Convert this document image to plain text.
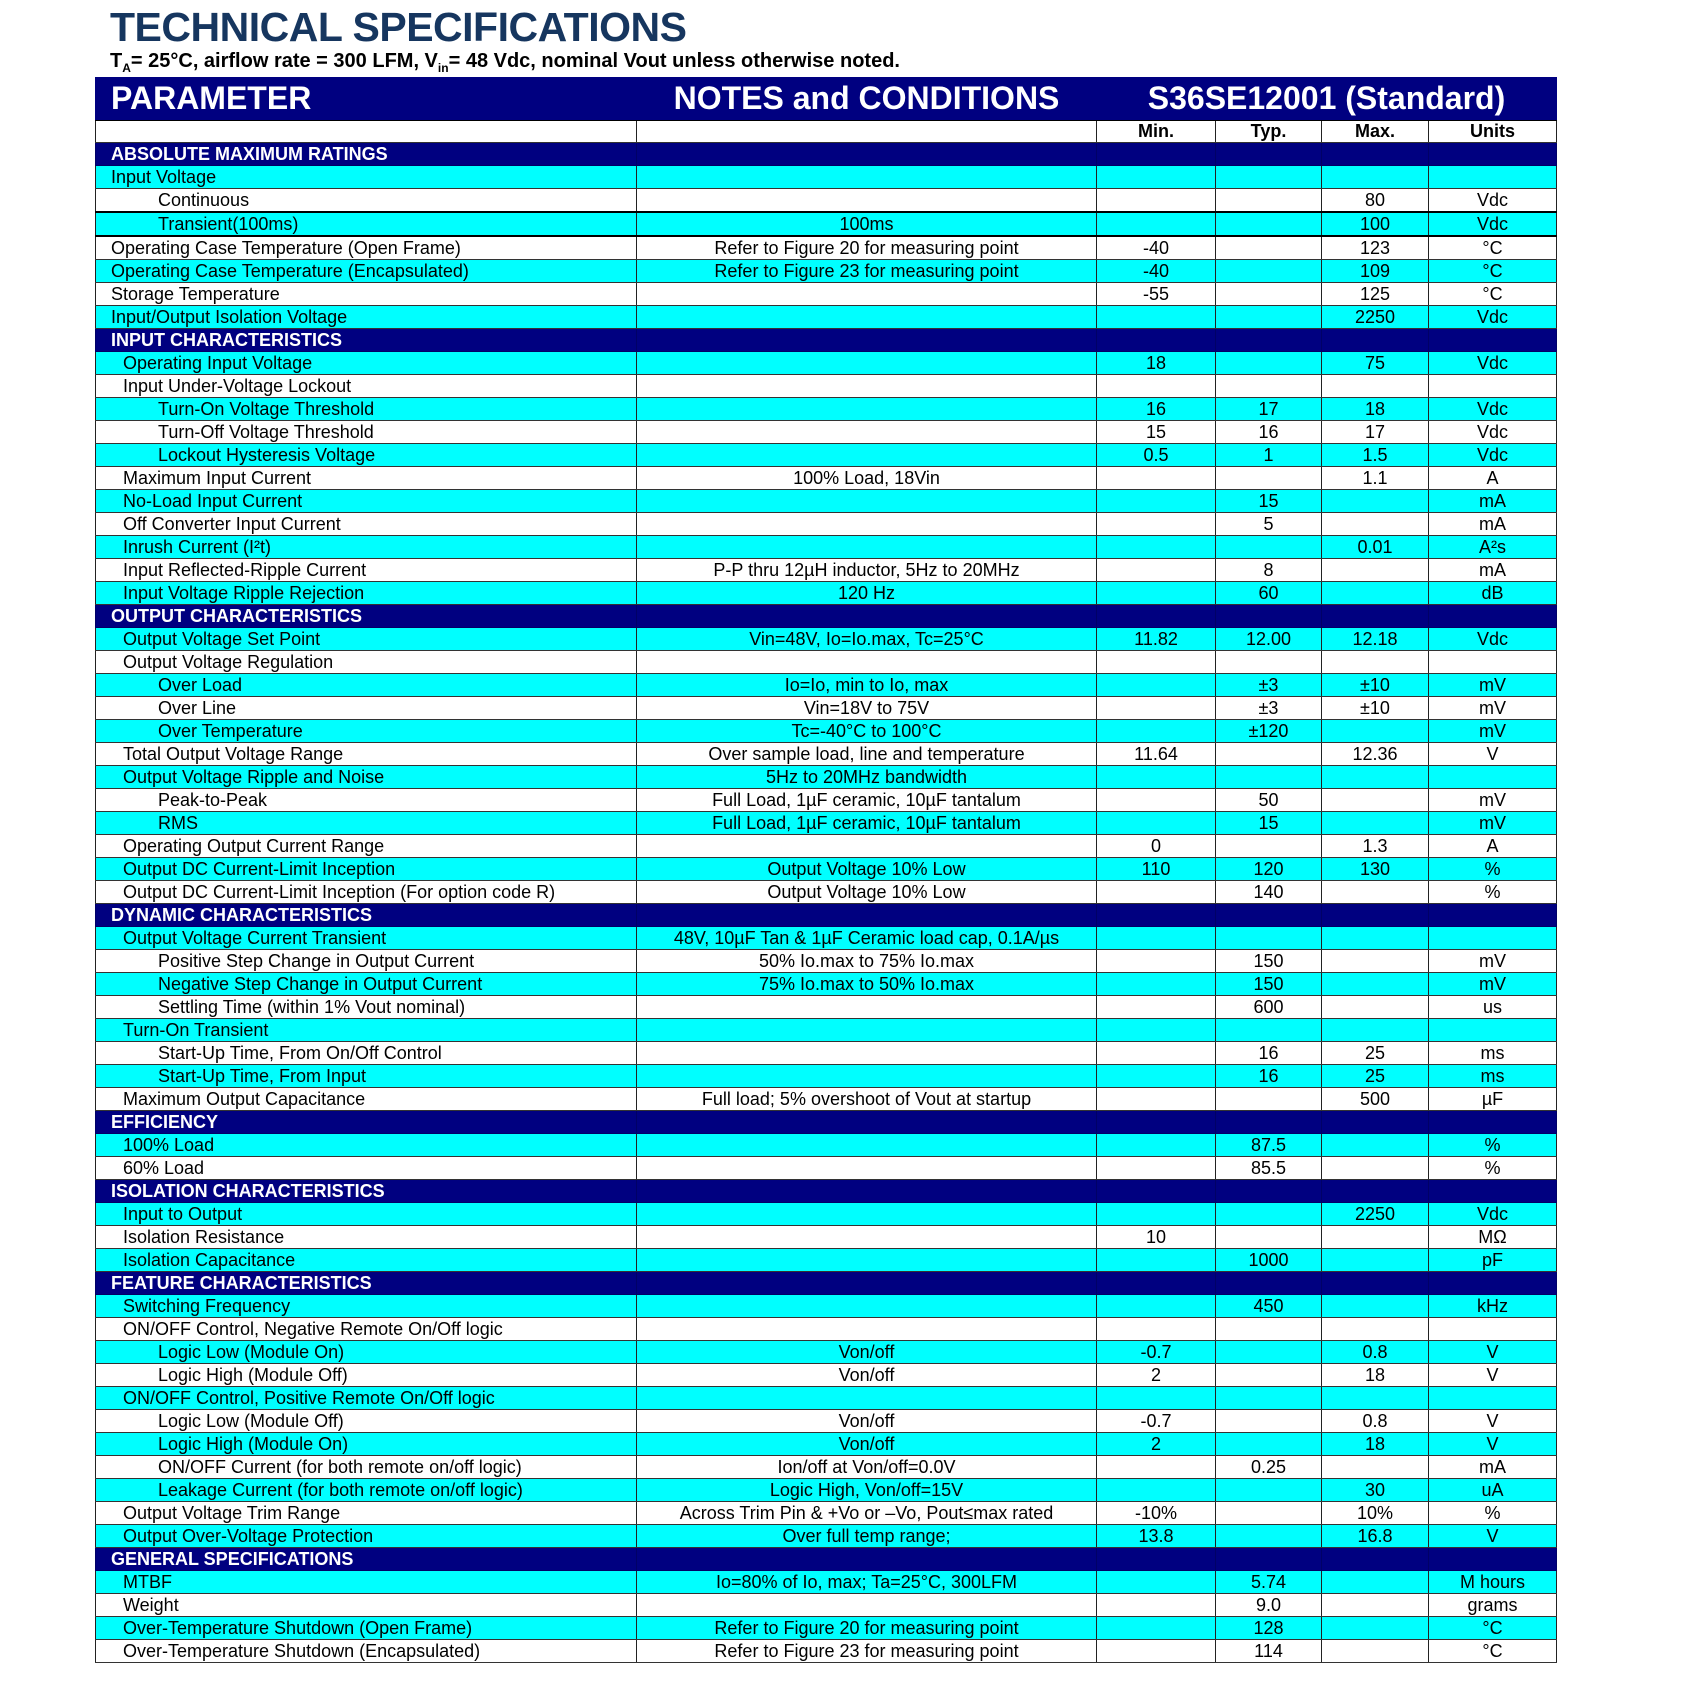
TECHNICAL SPECIFICATIONS
$T_A= 25^\circ C$, airflow rate = 300 LFM, $V_{in}= 48$ Vdc, nominal Vout unless otherwise noted.
PARAMETER	NOTES and CONDITIONS	S36SE12001 (Standard)			
		Min.	Typ.	Max.	Units
ABSOLUTE MAXIMUM RATINGS					
Input Voltage					
Continuous				80	Vdc
Transient(100ms)	100ms			100	Vdc
Operating Case Temperature (Open Frame)	Refer to Figure 20 for measuring point	-40		123	°C
Operating Case Temperature (Encapsulated)	Refer to Figure 23 for measuring point	-40		109	°C
Storage Temperature		-55		125	°C
Input/Output Isolation Voltage				2250	Vdc
INPUT CHARACTERISTICS					
Operating Input Voltage		18		75	Vdc
Input Under-Voltage Lockout					
Turn-On Voltage Threshold		16	17	18	Vdc
Turn-Off Voltage Threshold		15	16	17	Vdc
Lockout Hysteresis Voltage		0.5	1	1.5	Vdc
Maximum Input Current	100% Load, 18Vin			1.1	A
No-Load Input Current			15		mA
Off Converter Input Current			5		mA
Inrush Current (I²t)				0.01	A²s
Input Reflected-Ripple Current	P-P thru 12µH inductor, 5Hz to 20MHz		8		mA
Input Voltage Ripple Rejection	120 Hz		60		dB
OUTPUT CHARACTERISTICS					
Output Voltage Set Point	Vin=48V, Io=Io.max, Tc=25°C	11.82	12.00	12.18	Vdc
Output Voltage Regulation					
Over Load	Io=Io, min to Io, max		±3	±10	mV
Over Line	Vin=18V to 75V		±3	±10	mV
Over Temperature	Tc=-40°C to 100°C		±120		mV
Total Output Voltage Range	Over sample load, line and temperature	11.64		12.36	V
Output Voltage Ripple and Noise	5Hz to 20MHz bandwidth				
Peak-to-Peak	Full Load, 1µF ceramic, 10µF tantalum		50		mV
RMS	Full Load, 1µF ceramic, 10µF tantalum		15		mV
Operating Output Current Range		0		1.3	A
Output DC Current-Limit Inception	Output Voltage 10% Low	110	120	130	%
Output DC Current-Limit Inception (For option code R)	Output Voltage 10% Low		140		%
DYNAMIC CHARACTERISTICS					
Output Voltage Current Transient	48V, 10µF Tan & 1µF Ceramic load cap, 0.1A/µs				
Positive Step Change in Output Current	50% Io.max to 75% Io.max		150		mV
Negative Step Change in Output Current	75% Io.max to 50% Io.max		150		mV
Settling Time (within 1% Vout nominal)			600		us
Turn-On Transient					
Start-Up Time, From On/Off Control			16	25	ms
Start-Up Time, From Input			16	25	ms
Maximum Output Capacitance	Full load; 5% overshoot of Vout at startup			500	µF
EFFICIENCY					
100% Load			87.5		%
60% Load			85.5		%
ISOLATION CHARACTERISTICS					
Input to Output				2250	Vdc
Isolation Resistance		10			MΩ
Isolation Capacitance			1000		pF
FEATURE CHARACTERISTICS					
Switching Frequency			450		kHz
ON/OFF Control, Negative Remote On/Off logic					
Logic Low (Module On)	Von/off	-0.7		0.8	V
Logic High (Module Off)	Von/off	2		18	V
ON/OFF Control, Positive Remote On/Off logic					
Logic Low (Module Off)	Von/off	-0.7		0.8	V
Logic High (Module On)	Von/off	2		18	V
ON/OFF Current (for both remote on/off logic)	Ion/off at Von/off=0.0V		0.25		mA
Leakage Current (for both remote on/off logic)	Logic High, Von/off=15V			30	uA
Output Voltage Trim Range	Across Trim Pin & +Vo or –Vo, Pout≤max rated	-10%		10%	%
Output Over-Voltage Protection	Over full temp range;	13.8		16.8	V
GENERAL SPECIFICATIONS					
MTBF	Io=80% of Io, max; Ta=25°C, 300LFM		5.74		M hours
Weight			9.0		grams
Over-Temperature Shutdown (Open Frame)	Refer to Figure 20 for measuring point		128		°C
Over-Temperature Shutdown (Encapsulated)	Refer to Figure 23 for measuring point		114		°C
